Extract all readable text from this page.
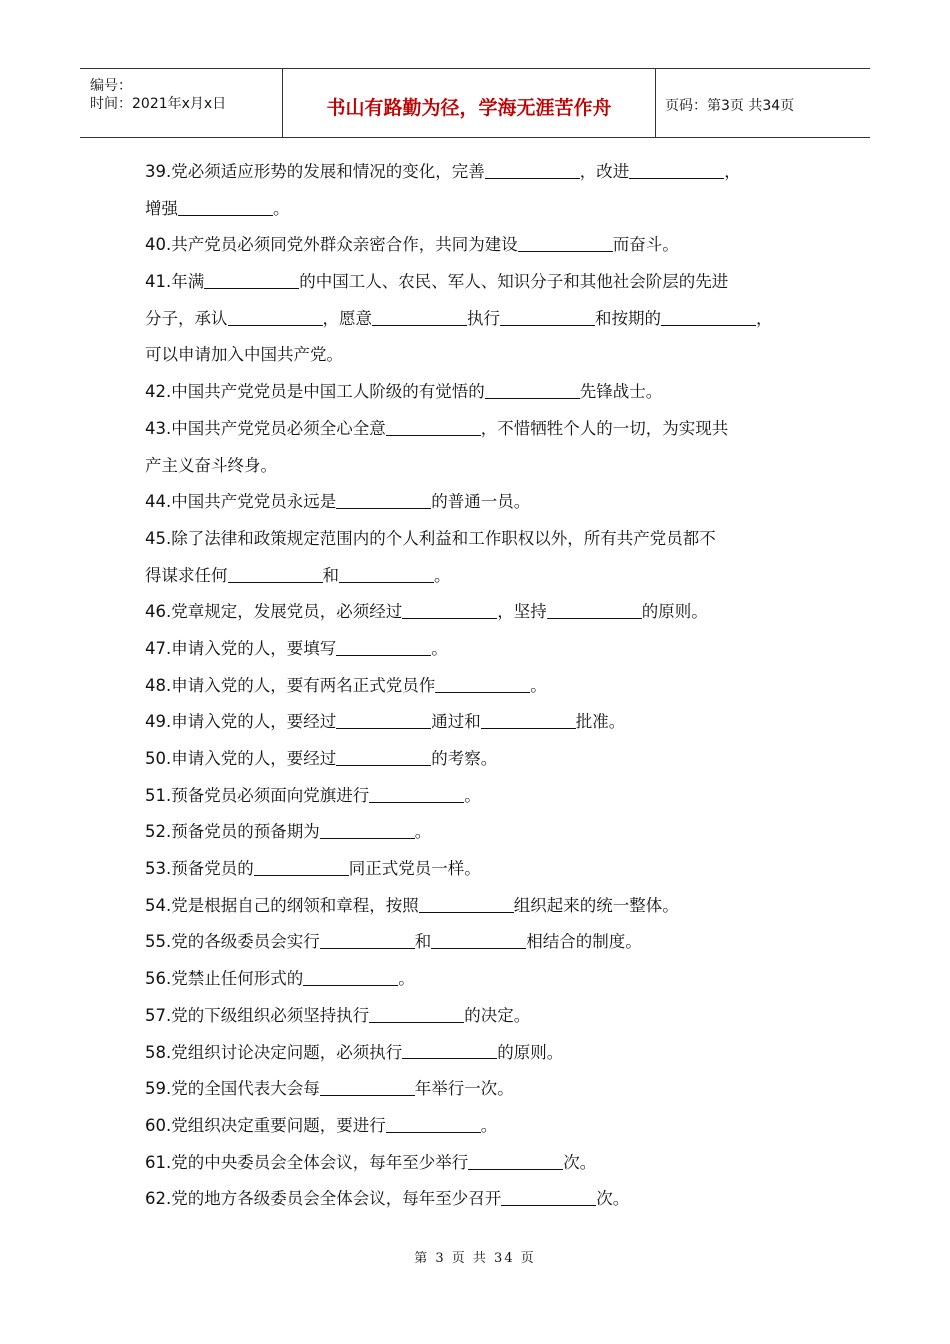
编号：
时间：2021年x月x日	书山有路勤为径，学海无涯苦作舟	页码：第3页 共34页
39.党必须适应形势的发展和情况的变化，完善	，改进	，
增强	。
40.共产党员必须同党外群众亲密合作，共同为建设	而奋斗。
41.年满	的中国工人、农民、军人、知识分子和其他社会阶层的先进
分子，承认	，愿意	执行	和按期的	，
可以申请加入中国共产党。
42.中国共产党党员是中国工人阶级的有觉悟的	先锋战士。
43.中国共产党党员必须全心全意	，不惜牺牲个人的一切，为实现共
产主义奋斗终身。
44.中国共产党党员永远是	的普通一员。
45.除了法律和政策规定范围内的个人利益和工作职权以外，所有共产党员都不
得谋求任何	和	。
46.党章规定，发展党员，必须经过	，坚持	的原则。
47.申请入党的人，要填写	。
48.申请入党的人，要有两名正式党员作	。
49.申请入党的人，要经过	通过和	批准。
50.申请入党的人，要经过	的考察。
51.预备党员必须面向党旗进行	。
52.预备党员的预备期为	。
53.预备党员的	同正式党员一样。
54.党是根据自己的纲领和章程，按照	组织起来的统一整体。
55.党的各级委员会实行	和	相结合的制度。
56.党禁止任何形式的	。
57.党的下级组织必须坚持执行	的决定。
58.党组织讨论决定问题，必须执行	的原则。
59.党的全国代表大会每	年举行一次。
60.党组织决定重要问题，要进行	。
61.党的中央委员会全体会议，每年至少举行	次。
62.党的地方各级委员会全体会议，每年至少召开	次。
第 3 页 共 34 页
